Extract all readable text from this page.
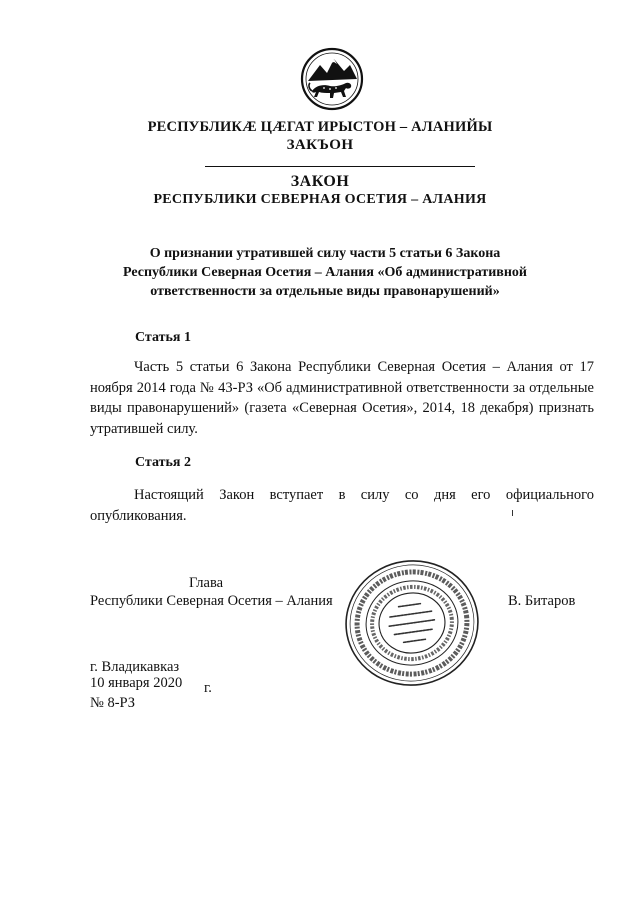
РЕСПУБЛИКӔ ЦӔГАТ ИРЫСТОН – АЛАНИЙЫ
ЗАКЪОН
ЗАКОН
РЕСПУБЛИКИ СЕВЕРНАЯ ОСЕТИЯ – АЛАНИЯ
О признании утратившей силу части 5 статьи 6 Закона
Республики Северная Осетия – Алания «Об административной
ответственности за отдельные виды правонарушений»
Статья 1

Часть 5 статьи 6 Закона Республики Северная Осетия – Алания от 17 ноября 2014 года № 43-РЗ «Об административной ответственности за отдельные виды правонарушений» (газета «Северная Осетия», 2014, 18 декабря) признать утратившей силу.

Статья 2

Настоящий Закон вступает в силу со дня его официального опубликования.

Глава
Республики Северная Осетия – Алания	В. Битаров
г. Владикавказ
10 января 2020 г.
№ 8-РЗ
